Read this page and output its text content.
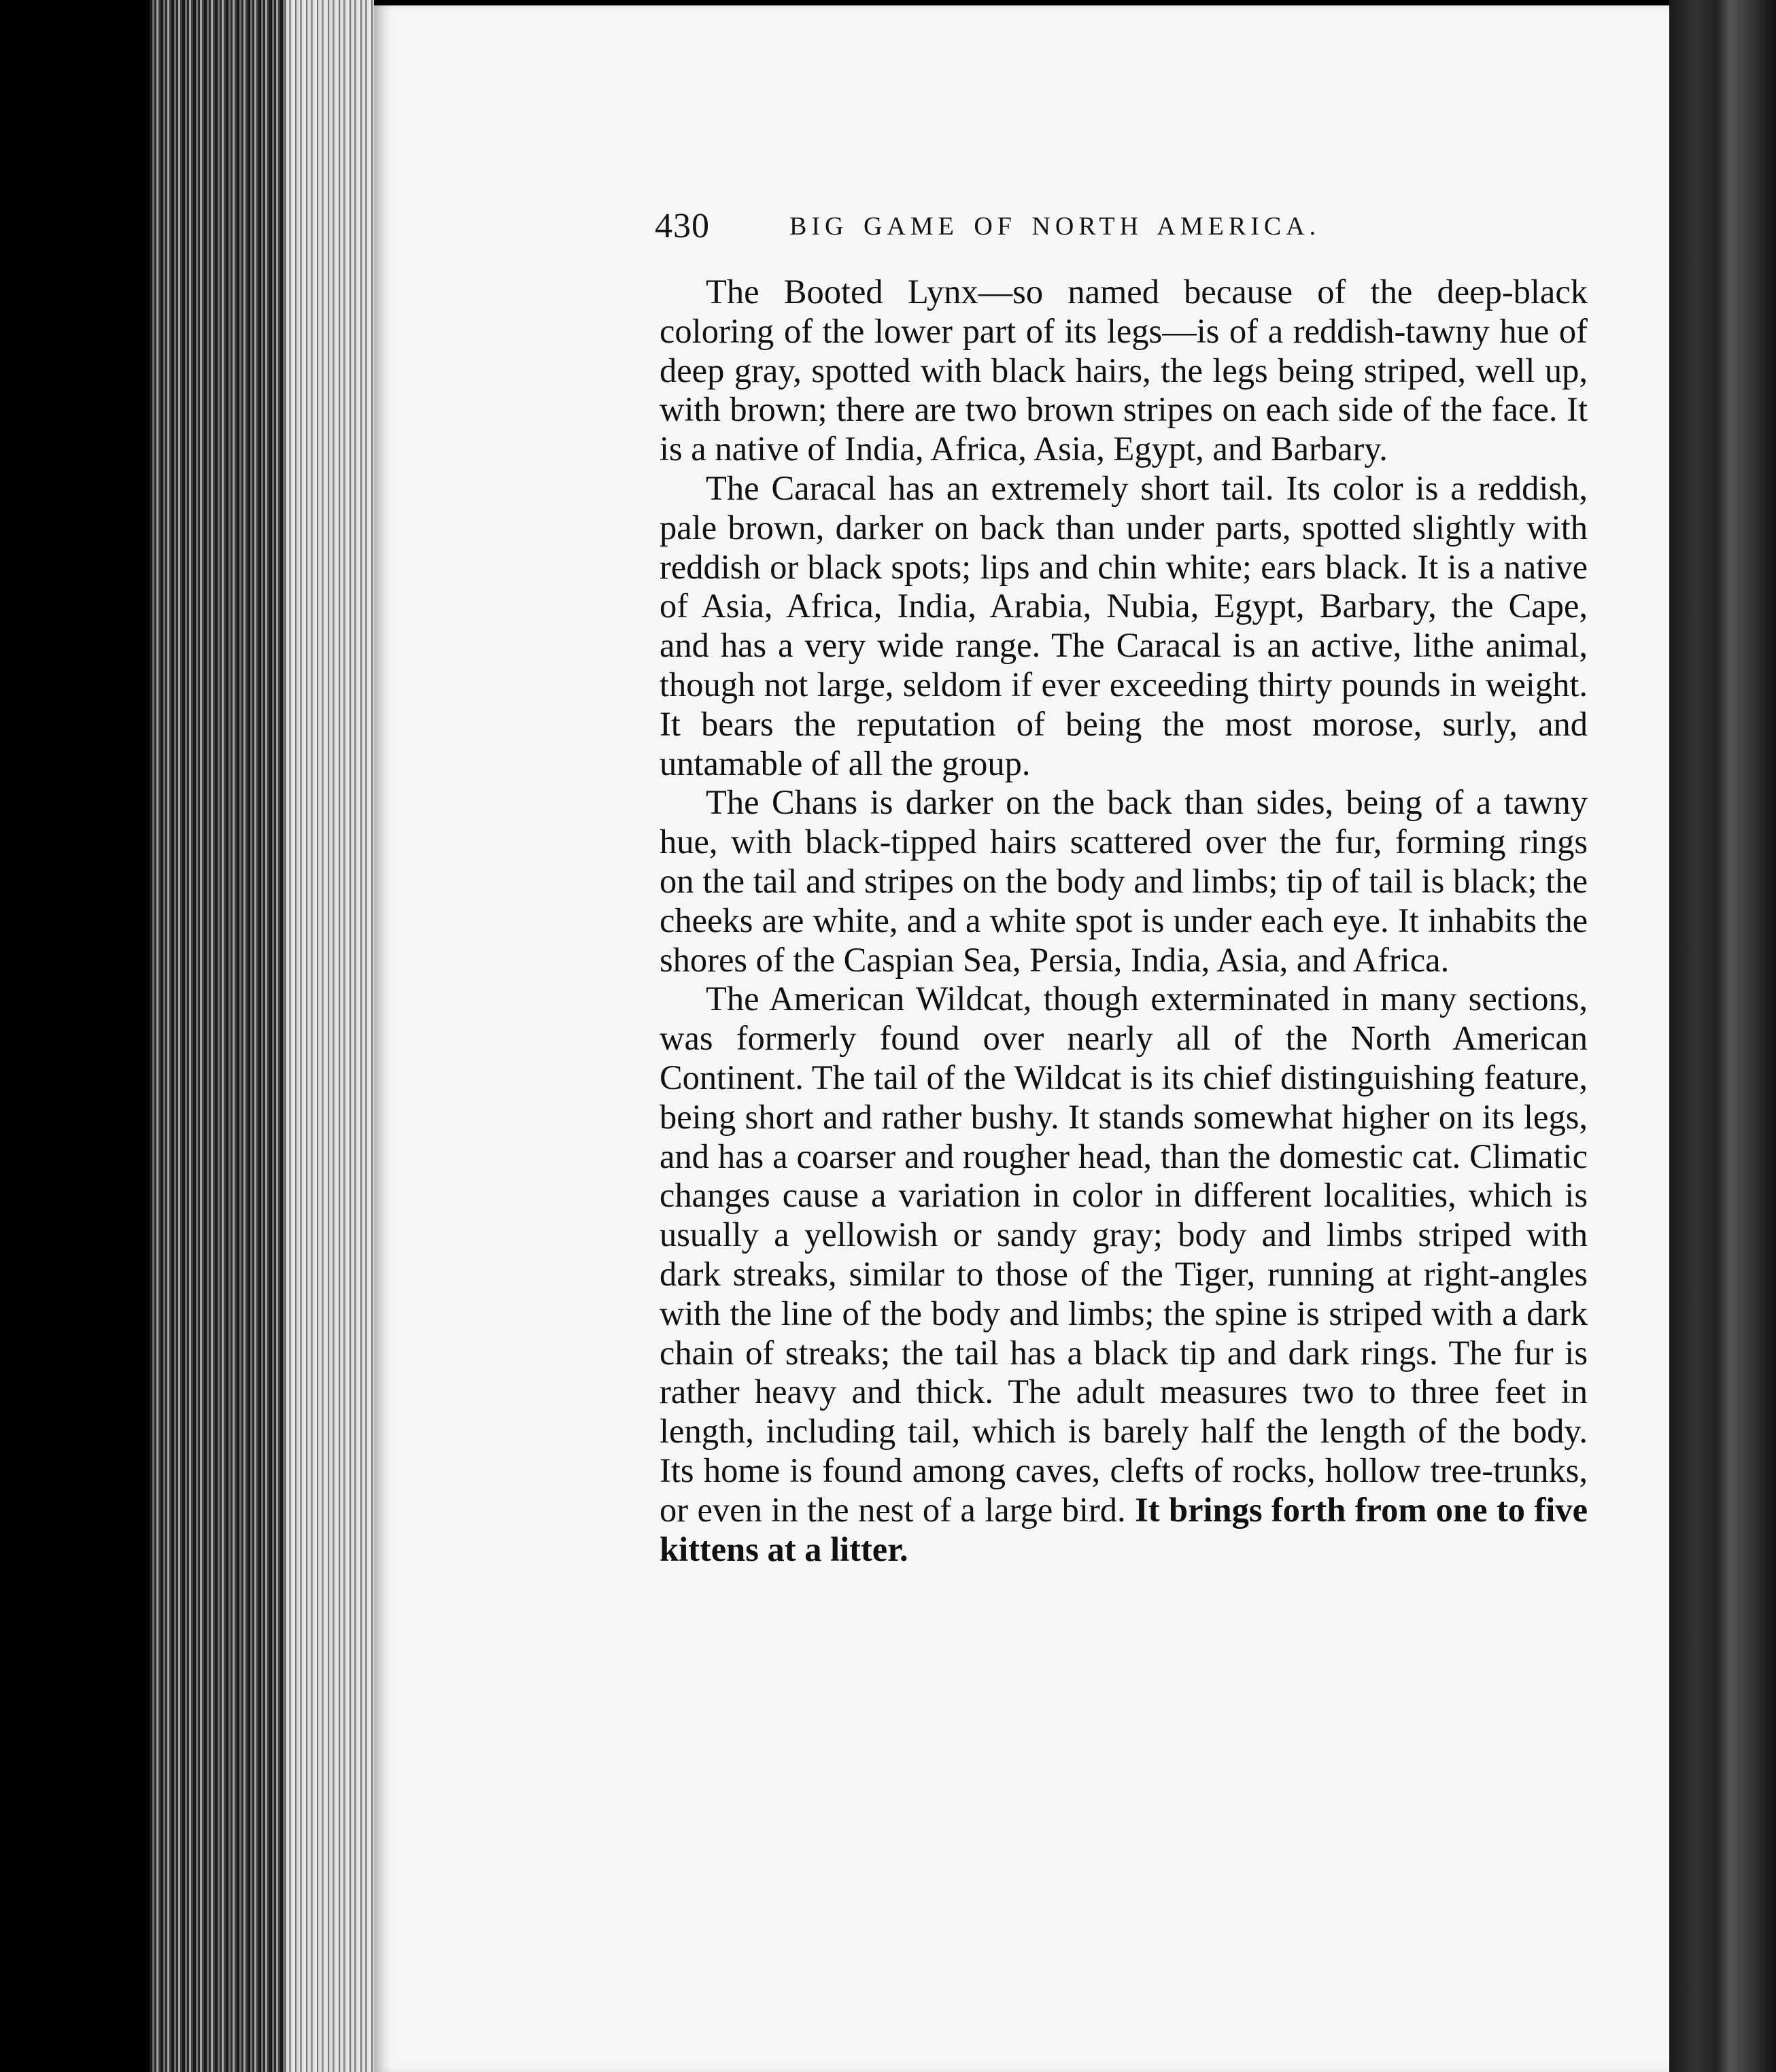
430	BIG GAME OF NORTH AMERICA.

The Booted Lynx—so named because of the deep-black coloring of the lower part of its legs—is of a reddish-tawny hue of deep gray, spotted with black hairs, the legs being striped, well up, with brown; there are two brown stripes on each side of the face. It is a native of India, Africa, Asia, Egypt, and Barbary.

The Caracal has an extremely short tail. Its color is a reddish, pale brown, darker on back than under parts, spotted slightly with reddish or black spots; lips and chin white; ears black. It is a native of Asia, Africa, India, Arabia, Nubia, Egypt, Barbary, the Cape, and has a very wide range. The Caracal is an active, lithe animal, though not large, seldom if ever exceeding thirty pounds in weight. It bears the reputation of being the most morose, surly, and untamable of all the group.

The Chans is darker on the back than sides, being of a tawny hue, with black-tipped hairs scattered over the fur, forming rings on the tail and stripes on the body and limbs; tip of tail is black; the cheeks are white, and a white spot is under each eye. It inhabits the shores of the Caspian Sea, Persia, India, Asia, and Africa.

The American Wildcat, though exterminated in many sections, was formerly found over nearly all of the North American Continent. The tail of the Wildcat is its chief distinguishing feature, being short and rather bushy. It stands somewhat higher on its legs, and has a coarser and rougher head, than the domestic cat. Climatic changes cause a variation in color in different localities, which is usually a yellowish or sandy gray; body and limbs striped with dark streaks, similar to those of the Tiger, running at right-angles with the line of the body and limbs; the spine is striped with a dark chain of streaks; the tail has a black tip and dark rings. The fur is rather heavy and thick. The adult measures two to three feet in length, including tail, which is barely half the length of the body. Its home is found among caves, clefts of rocks, hollow tree-trunks, or even in the nest of a large bird. It brings forth from one to five kittens at a litter.
